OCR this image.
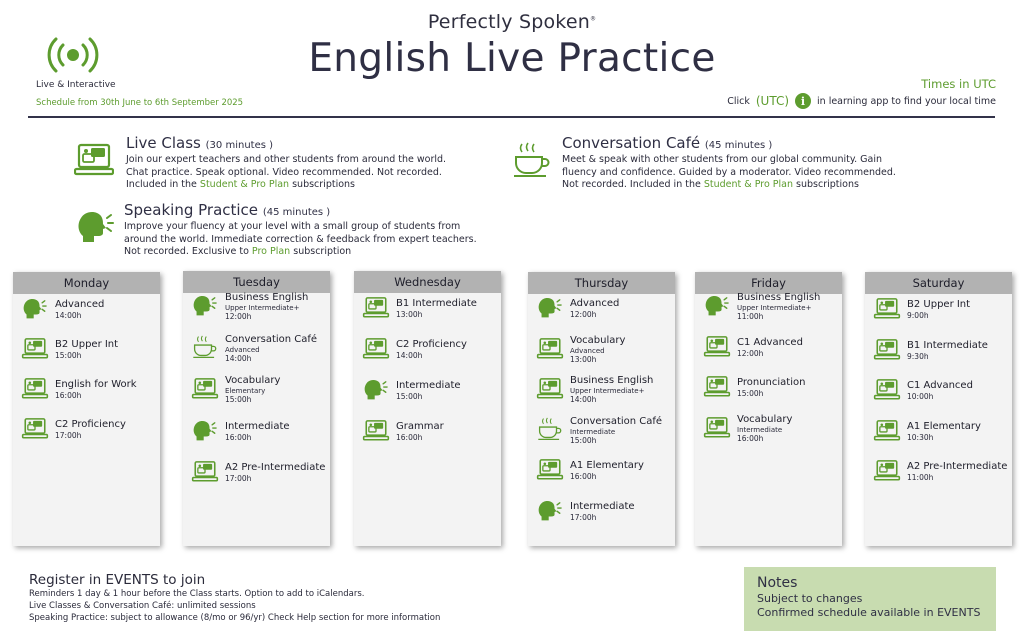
Live & Interactive
Schedule from 30th June to 6th September 2025
Perfectly Spoken®
English Live Practice
Times in UTC
Click (UTC)	i	in learning app to find your local time
Live Class (30 minutes )
Join our expert teachers and other students from around the world.
Chat practice. Speak optional. Video recommended. Not recorded.
Included in the Student & Pro Plan subscriptions
Conversation Café (45 minutes )
Meet & speak with other students from our global community. Gain
fluency and confidence. Guided by a moderator. Video recommended.
Not recorded. Included in the Student & Pro Plan subscriptions
Speaking Practice (45 minutes )
Improve your fluency at your level with a small group of students from
around the world. Immediate correction & feedback from expert teachers.
Not recorded. Exclusive to Pro Plan subscription
Monday
Advanced
14:00h
B2 Upper Int
15:00h
English for Work
16:00h
C2 Proficiency
17:00h
Tuesday
Business English
Upper Intermediate+
12:00h
Conversation Café
Advanced
14:00h
Vocabulary
Elementary
15:00h
Intermediate
16:00h
A2 Pre-Intermediate
17:00h
Wednesday
B1 Intermediate
13:00h
C2 Proficiency
14:00h
Intermediate
15:00h
Grammar
16:00h
Thursday
Advanced
12:00h
Vocabulary
Advanced
13:00h
Business English
Upper Intermediate+
14:00h
Conversation Café
Intermediate
15:00h
A1 Elementary
16:00h
Intermediate
17:00h
Friday
Business English
Upper Intermediate+
11:00h
C1 Advanced
12:00h
Pronunciation
15:00h
Vocabulary
Intermediate
16:00h
Saturday
B2 Upper Int
9:00h
B1 Intermediate
9:30h
C1 Advanced
10:00h
A1 Elementary
10:30h
A2 Pre-Intermediate
11:00h
Register in EVENTS to join
Reminders 1 day & 1 hour before the Class starts. Option to add to iCalendars.
Live Classes & Conversation Café: unlimited sessions
Speaking Practice: subject to allowance (8/mo or 96/yr) Check Help section for more information
Notes
Subject to changes
Confirmed schedule available in EVENTS
